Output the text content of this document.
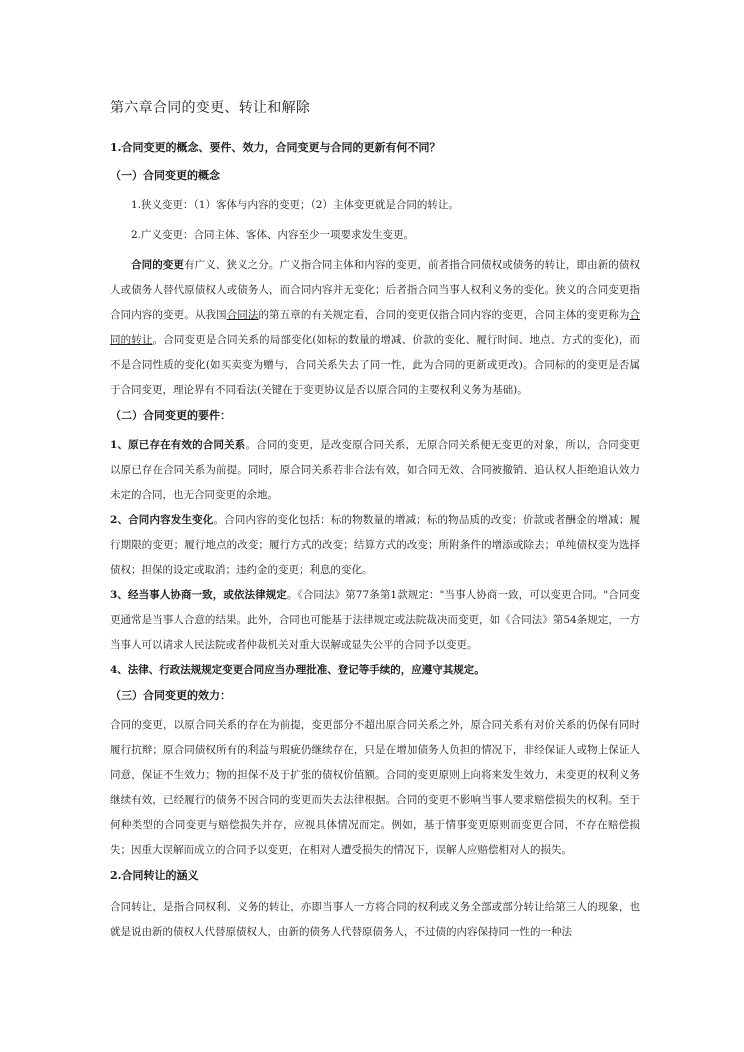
第六章合同的变更、转让和解除
1.合同变更的概念、要件、效力，合同变更与合同的更新有何不同？
（一）合同变更的概念

1.狭义变更：（1）客体与内容的变更；（2）主体变更就是合同的转让。

2.广义变更：合同主体、客体、内容至少一项要求发生变更。

合同的变更有广义、狭义之分。广义指合同主体和内容的变更，前者指合同债权或债务的转让，即由新的债权人或债务人替代原债权人或债务人，而合同内容并无变化；后者指合同当事人权利义务的变化。狭义的合同变更指合同内容的变更。从我国合同法的第五章的有关规定看，合同的变更仅指合同内容的变更，合同主体的变更称为合同的转让。合同变更是合同关系的局部变化(如标的数量的增减、价款的变化、履行时间、地点、方式的变化)，而不是合同性质的变化(如买卖变为赠与，合同关系失去了同一性，此为合同的更新或更改)。合同标的的变更是否属于合同变更，理论界有不同看法(关键在于变更协议是否以原合同的主要权利义务为基础)。

（二）合同变更的要件：

1、原已存在有效的合同关系。合同的变更，是改变原合同关系，无原合同关系便无变更的对象，所以，合同变更以原已存在合同关系为前提。同时，原合同关系若非合法有效，如合同无效、合同被撤销、追认权人拒绝追认效力未定的合同，也无合同变更的余地。

2、合同内容发生变化。合同内容的变化包括：标的物数量的增减；标的物品质的改变；价款或者酬金的增减；履行期限的变更；履行地点的改变；履行方式的改变；结算方式的改变；所附条件的增添或除去；单纯债权变为选择债权；担保的设定或取消；违约金的变更；利息的变化。

3、经当事人协商一致，或依法律规定。《合同法》第77条第1款规定："当事人协商一致，可以变更合同。"合同变更通常是当事人合意的结果。此外，合同也可能基于法律规定或法院裁决而变更，如《合同法》第54条规定，一方当事人可以请求人民法院或者仲裁机关对重大误解或显失公平的合同予以变更。

4、法律、行政法规规定变更合同应当办理批准、登记等手续的，应遵守其规定。

（三）合同变更的效力：

合同的变更，以原合同关系的存在为前提，变更部分不超出原合同关系之外，原合同关系有对价关系的仍保有同时履行抗辩；原合同债权所有的利益与瑕疵仍继续存在，只是在增加债务人负担的情况下，非经保证人或物上保证人同意，保证不生效力；物的担保不及于扩张的债权价值额。合同的变更原则上向将来发生效力，未变更的权利义务继续有效，已经履行的债务不因合同的变更而失去法律根据。合同的变更不影响当事人要求赔偿损失的权利。至于何种类型的合同变更与赔偿损失并存，应视具体情况而定。例如，基于情事变更原则而变更合同，不存在赔偿损失；因重大误解而成立的合同予以变更，在相对人遭受损失的情况下，误解人应赔偿相对人的损失。

2.合同转让的涵义

合同转让，是指合同权利、义务的转让，亦即当事人一方将合同的权利或义务全部或部分转让给第三人的现象，也就是说由新的债权人代替原债权人，由新的债务人代替原债务人，不过债的内容保持同一性的一种法
